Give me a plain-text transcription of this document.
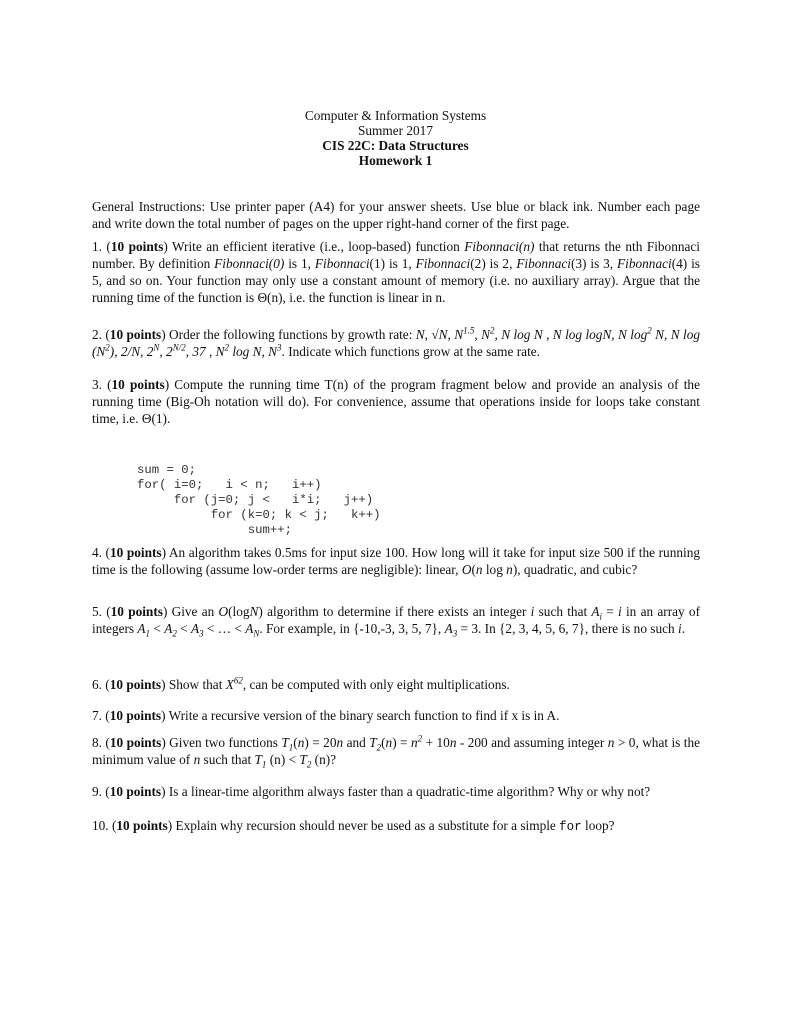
Computer & Information Systems
Summer 2017
CIS 22C: Data Structures
Homework 1
General Instructions: Use printer paper (A4) for your answer sheets. Use blue or black ink. Number each page and write down the total number of pages on the upper right-hand corner of the first page.
1. (10 points) Write an efficient iterative (i.e., loop-based) function Fibonnaci(n) that returns the nth Fibonnaci number. By definition Fibonnaci(0) is 1, Fibonnaci(1) is 1, Fibonnaci(2) is 2, Fibonnaci(3) is 3, Fibonnaci(4) is 5, and so on. Your function may only use a constant amount of memory (i.e. no auxiliary array). Argue that the running time of the function is Θ(n), i.e. the function is linear in n.
2. (10 points) Order the following functions by growth rate: N, √N, $N^{1.5}$, $N^2$, N log N , N log logN, N $\log^2 N$, N $\log (N^2)$, 2/N, $2^N$, $2^{N/2}$, 37 , $N^2$ log N, $N^3$. Indicate which functions grow at the same rate.
3. (10 points) Compute the running time T(n) of the program fragment below and provide an analysis of the running time (Big-Oh notation will do). For convenience, assume that operations inside for loops take constant time, i.e. Θ(1).
4. (10 points) An algorithm takes 0.5ms for input size 100. How long will it take for input size 500 if the running time is the following (assume low-order terms are negligible): linear, O(n log n), quadratic, and cubic?
5. (10 points) Give an O(logN) algorithm to determine if there exists an integer i such that $A_i = i$ in an array of integers $A_1 < A_2 < A_3$ < … < $A_N$. For example, in {-10,-3, 3, 5, 7}, $A_3 = 3$. In {2, 3, 4, 5, 6, 7}, there is no such i.
6. (10 points) Show that $X^{62}$, can be computed with only eight multiplications.
7. (10 points) Write a recursive version of the binary search function to find if x is in A.
8. (10 points) Given two functions $T_1(n) = 20n$ and $T_2(n) = n^2 + 10n - 200$ and assuming integer n > 0, what is the minimum value of n such that $T_1$ $(n) < T_2$ (n)?
9. (10 points) Is a linear-time algorithm always faster than a quadratic-time algorithm? Why or why not?
10. (10 points) Explain why recursion should never be used as a substitute for a simple for loop?

sum = 0;
for( i=0;   i < n;   i++)
for (j=0; j <   i*i;   j++)
for (k=0; k < j;   k++)
sum++;
